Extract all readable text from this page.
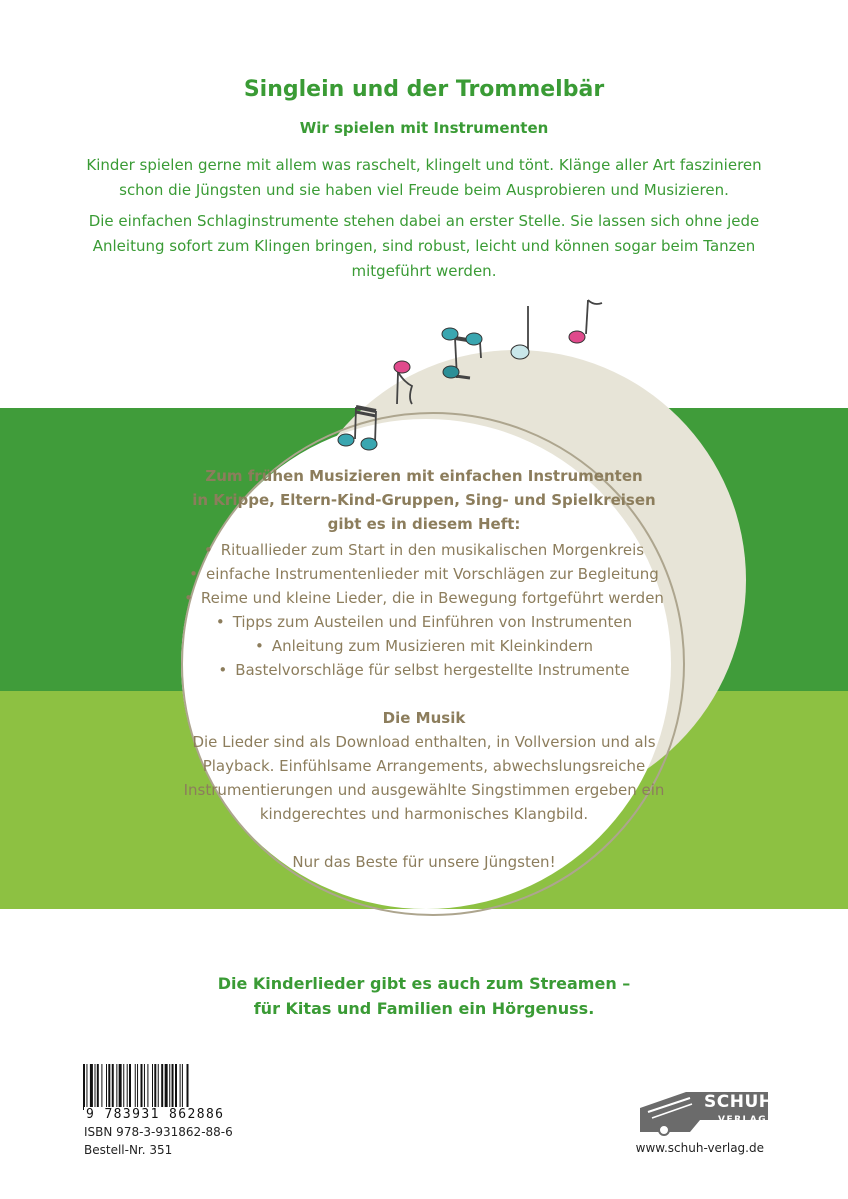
Singlein und der Trommelbär
Wir spielen mit Instrumenten
Kinder spielen gerne mit allem was raschelt, klingelt und tönt. Klänge aller Art faszinieren schon die Jüngsten und sie haben viel Freude beim Ausprobieren und Musizieren.
Die einfachen Schlaginstrumente stehen dabei an erster Stelle. Sie lassen sich ohne jede Anleitung sofort zum Klingen bringen, sind robust, leicht und können sogar beim Tanzen mitgeführt werden.
Zum frühen Musizieren mit einfachen Instrumenten
in Krippe, Eltern-Kind-Gruppen, Sing- und Spielkreisen
gibt es in diesem Heft:
• Rituallieder zum Start in den musikalischen Morgenkreis
• einfache Instrumentenlieder mit Vorschlägen zur Begleitung
• Reime und kleine Lieder, die in Bewegung fortgeführt werden
• Tipps zum Austeilen und Einführen von Instrumenten
• Anleitung zum Musizieren mit Kleinkindern
• Bastelvorschläge für selbst hergestellte Instrumente
Die Musik
Die Lieder sind als Download enthalten, in Vollversion und als Playback. Einfühlsame Arrangements, abwechslungsreiche Instrumentierungen und ausgewählte Singstimmen ergeben ein kindgerechtes und harmonisches Klangbild.
Nur das Beste für unsere Jüngsten!
Die Kinderlieder gibt es auch zum Streamen –
für Kitas und Familien ein Hörgenuss.
9 783931 862886
ISBN 978-3-931862-88-6
Bestell-Nr. 351
SCHUH
VERLAG
www.schuh-verlag.de
